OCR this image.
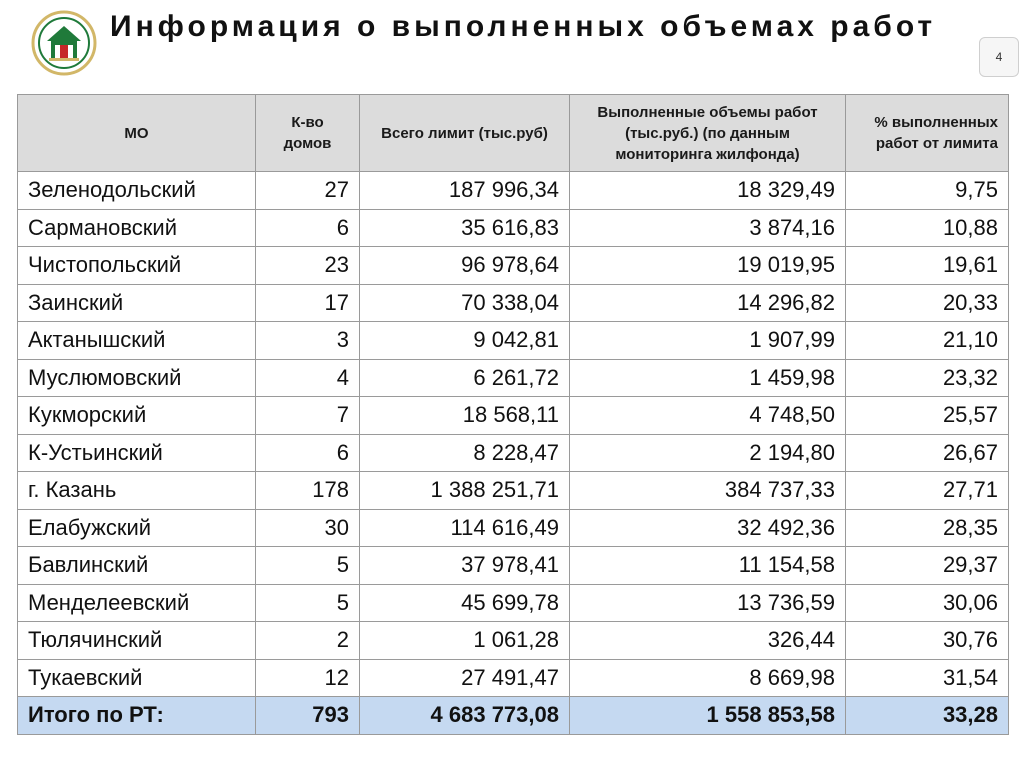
Информация о выполненных объемах работ
4
МО	К-во домов	Всего лимит (тыс.руб)	Выполненные объемы работ (тыс.руб.) (по данным мониторинга жилфонда)	% выполненных работ от лимита
Зеленодольский	27	187 996,34	18 329,49	9,75
Сармановский	6	35 616,83	3 874,16	10,88
Чистопольский	23	96 978,64	19 019,95	19,61
Заинский	17	70 338,04	14 296,82	20,33
Актанышский	3	9 042,81	1 907,99	21,10
Муслюмовский	4	6 261,72	1 459,98	23,32
Кукморский	7	18 568,11	4 748,50	25,57
К-Устьинский	6	8 228,47	2 194,80	26,67
г. Казань	178	1 388 251,71	384 737,33	27,71
Елабужский	30	114 616,49	32 492,36	28,35
Бавлинский	5	37 978,41	11 154,58	29,37
Менделеевский	5	45 699,78	13 736,59	30,06
Тюлячинский	2	1 061,28	326,44	30,76
Тукаевский	12	27 491,47	8 669,98	31,54
Итого по РТ:	793	4 683 773,08	1 558 853,58	33,28
